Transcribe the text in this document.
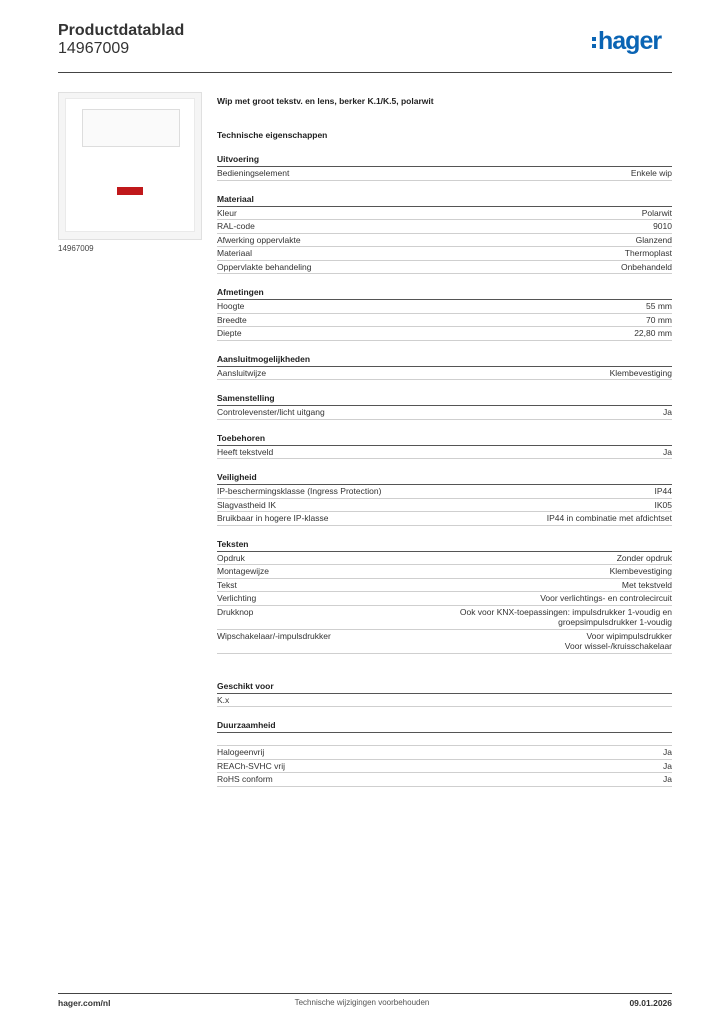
Productdatablad
14967009	hager
14967009
Wip met groot tekstv. en lens, berker K.1/K.5, polarwit
Technische eigenschappen
Uitvoering
Bedieningselement	Enkele wip
Materiaal
Kleur	Polarwit
RAL-code	9010
Afwerking oppervlakte	Glanzend
Materiaal	Thermoplast
Oppervlakte behandeling	Onbehandeld
Afmetingen
Hoogte	55 mm
Breedte	70 mm
Diepte	22,80 mm
Aansluitmogelijkheden
Aansluitwijze	Klembevestiging
Samenstelling
Controlevenster/licht uitgang	Ja
Toebehoren
Heeft tekstveld	Ja
Veiligheid
IP-beschermingsklasse (Ingress Protection)	IP44
Slagvastheid IK	IK05
Bruikbaar in hogere IP-klasse	IP44 in combinatie met afdichtset
Teksten
Opdruk	Zonder opdruk
Montagewijze	Klembevestiging
Tekst	Met tekstveld
Verlichting	Voor verlichtings- en controlecircuit
Drukknop	Ook voor KNX-toepassingen: impulsdrukker 1-voudig en
groepsimpulsdrukker 1-voudig
Wipschakelaar/-impulsdrukker	Voor wipimpulsdrukker
Voor wissel-/kruisschakelaar
Geschikt voor
K.x

Duurzaamheid
Halogeenvrij	Ja
REACh-SVHC vrij	Ja
RoHS conform	Ja
hager.com/nl	Technische wijzigingen voorbehouden	09.01.2026
